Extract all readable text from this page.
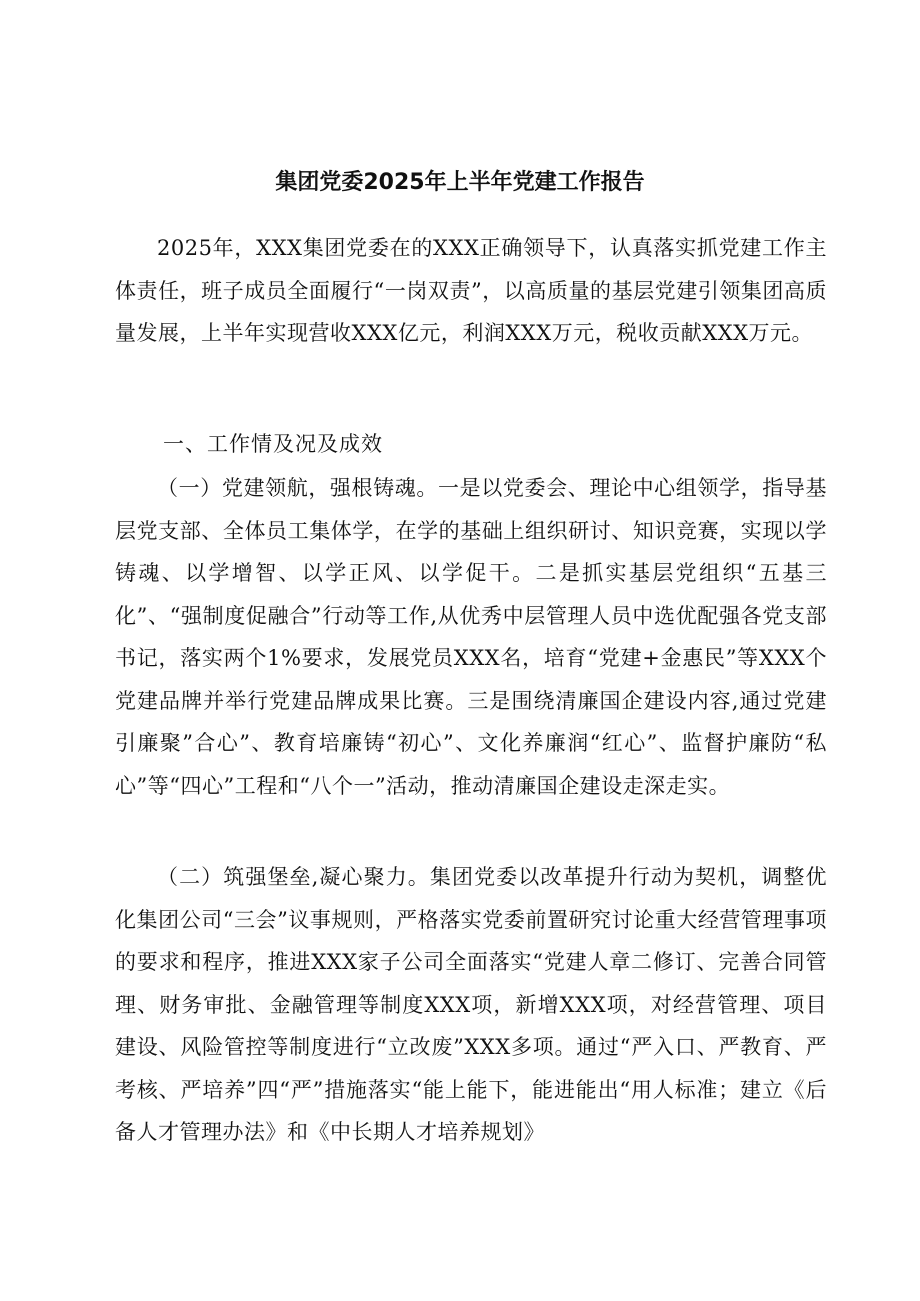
集团党委2025年上半年党建工作报告
2025年，XXX集团党委在的XXX正确领导下，认真落实抓党建工作主体责任，班子成员全面履行“一岗双责”，以高质量的基层党建引领集团高质量发展，上半年实现营收XXX亿元，利润XXX万元，税收贡献XXX万元。
一、工作情及况及成效
（一）党建领航，强根铸魂。一是以党委会、理论中心组领学，指导基层党支部、全体员工集体学，在学的基础上组织研讨、知识竞赛，实现以学铸魂、以学增智、以学正风、以学促干。二是抓实基层党组织“五基三化”、“强制度促融合”行动等工作,从优秀中层管理人员中选优配强各党支部书记，落实两个1%要求，发展党员XXX名，培育“党建+金惠民”等XXX个党建品牌并举行党建品牌成果比赛。三是围绕清廉国企建设内容,通过党建引廉聚”合心”、教育培廉铸“初心”、文化养廉润“红心”、监督护廉防“私心”等“四心”工程和“八个一”活动，推动清廉国企建设走深走实。
（二）筑强堡垒,凝心聚力。集团党委以改革提升行动为契机，调整优化集团公司“三会”议事规则，严格落实党委前置研究讨论重大经营管理事项的要求和程序，推进XXX家子公司全面落实“党建人章二修订、完善合同管理、财务审批、金融管理等制度XXX项，新增XXX项，对经营管理、项目建设、风险管控等制度进行“立改废”XXX多项。通过“严入口、严教育、严考核、严培养”四“严”措施落实“能上能下，能进能出“用人标准；建立《后备人才管理办法》和《中长期人才培养规划》
